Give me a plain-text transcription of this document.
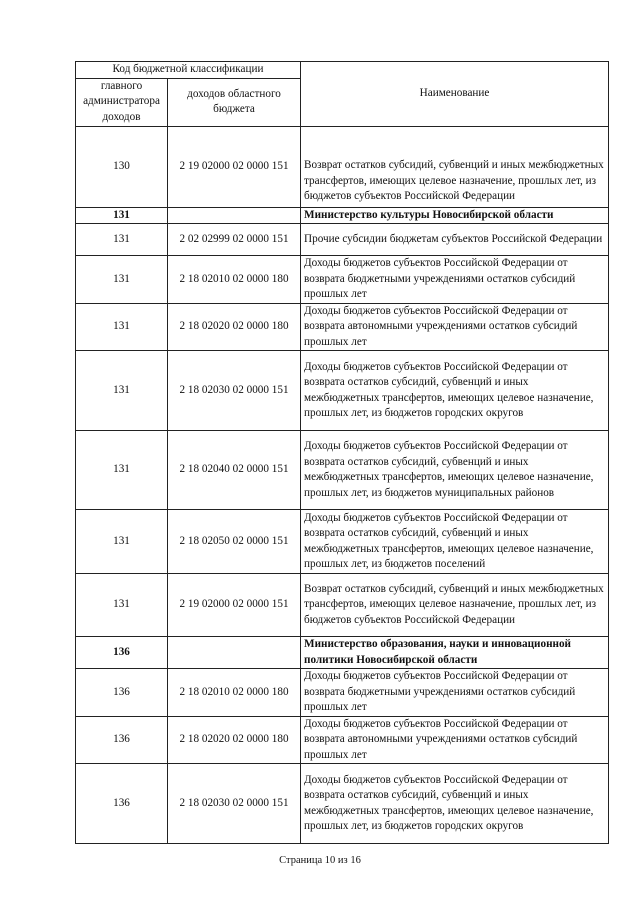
Код бюджетной классификации		Наименование
главного администратора доходов	доходов областного бюджета	
130	2 19 02000 02 0000 151	Возврат остатков субсидий, субвенций и иных межбюджетных трансфертов, имеющих целевое назначение, прошлых лет, из бюджетов субъектов Российской Федерации
131		Министерство культуры Новосибирской области
131	2 02 02999 02 0000 151	Прочие субсидии бюджетам субъектов Российской Федерации
131	2 18 02010 02 0000 180	Доходы бюджетов субъектов Российской Федерации от возврата бюджетными учреждениями остатков субсидий прошлых лет
131	2 18 02020 02 0000 180	Доходы бюджетов субъектов Российской Федерации от возврата автономными учреждениями остатков субсидий прошлых лет
131	2 18 02030 02 0000 151	Доходы бюджетов субъектов Российской Федерации от возврата остатков субсидий, субвенций и иных межбюджетных трансфертов, имеющих целевое назначение, прошлых лет, из бюджетов городских округов
131	2 18 02040 02 0000 151	Доходы бюджетов субъектов Российской Федерации от возврата остатков субсидий, субвенций и иных межбюджетных трансфертов, имеющих целевое назначение, прошлых лет, из бюджетов муниципальных районов
131	2 18 02050 02 0000 151	Доходы бюджетов субъектов Российской Федерации от возврата остатков субсидий, субвенций и иных межбюджетных трансфертов, имеющих целевое назначение, прошлых лет, из бюджетов поселений
131	2 19 02000 02 0000 151	Возврат остатков субсидий, субвенций и иных межбюджетных трансфертов, имеющих целевое назначение, прошлых лет, из бюджетов субъектов Российской Федерации
136		Министерство образования, науки и инновационной политики Новосибирской области
136	2 18 02010 02 0000 180	Доходы бюджетов субъектов Российской Федерации от возврата бюджетными учреждениями остатков субсидий прошлых лет
136	2 18 02020 02 0000 180	Доходы бюджетов субъектов Российской Федерации от возврата автономными учреждениями остатков субсидий прошлых лет
136	2 18 02030 02 0000 151	Доходы бюджетов субъектов Российской Федерации от возврата остатков субсидий, субвенций и иных межбюджетных трансфертов, имеющих целевое назначение, прошлых лет, из бюджетов городских округов
Страница 10 из 16
